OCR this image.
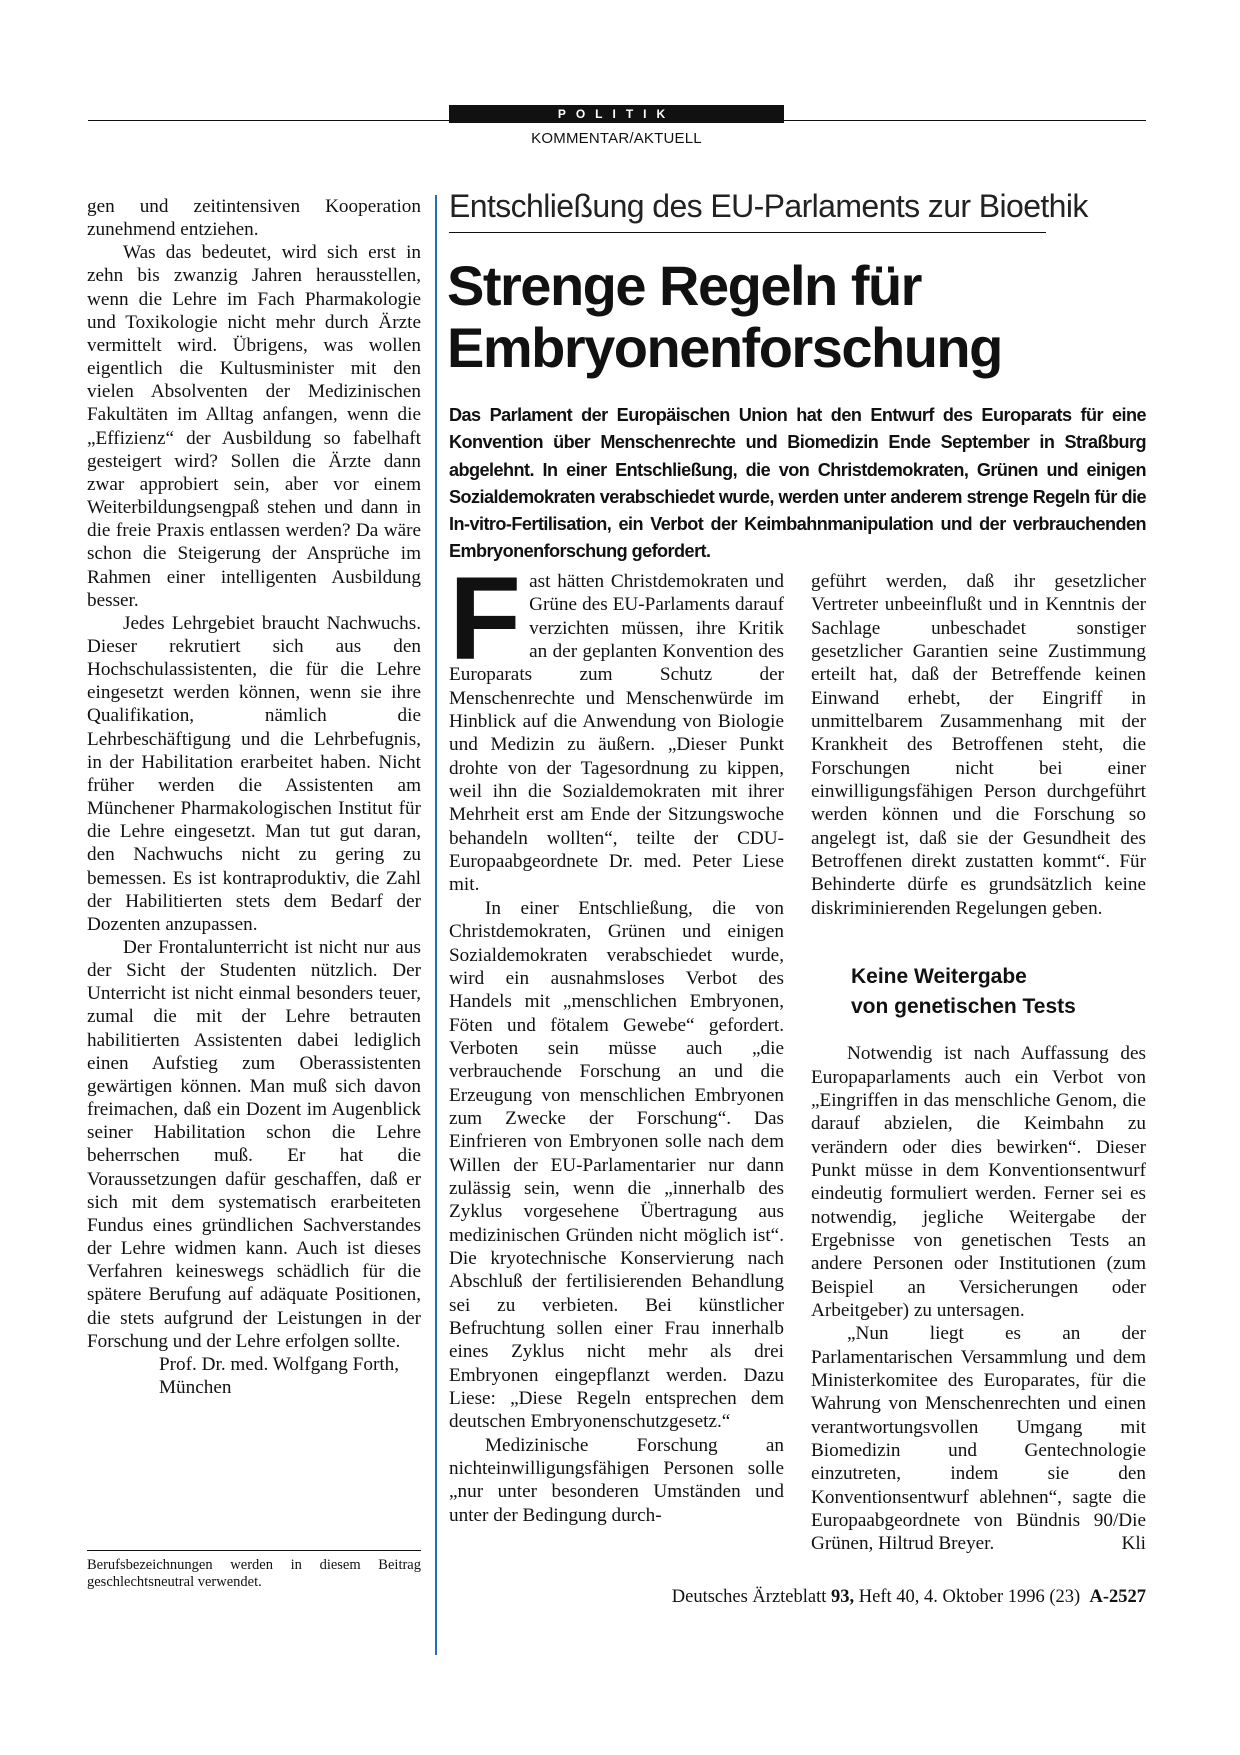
POLITIK
KOMMENTAR/AKTUELL

gen und zeitintensiven Kooperation zunehmend entziehen.

Was das bedeutet, wird sich erst in zehn bis zwanzig Jahren herausstellen, wenn die Lehre im Fach Pharmakologie und Toxikologie nicht mehr durch Ärzte vermittelt wird. Übrigens, was wollen eigentlich die Kultusminister mit den vielen Absolventen der Medizinischen Fakultäten im Alltag anfangen, wenn die „Effizienz“ der Ausbildung so fabelhaft gesteigert wird? Sollen die Ärzte dann zwar approbiert sein, aber vor einem Weiterbildungsengpaß stehen und dann in die freie Praxis entlassen werden? Da wäre schon die Steigerung der Ansprüche im Rahmen einer intelligenten Ausbildung besser.

Jedes Lehrgebiet braucht Nachwuchs. Dieser rekrutiert sich aus den Hochschulassistenten, die für die Lehre eingesetzt werden können, wenn sie ihre Qualifikation, nämlich die Lehrbeschäftigung und die Lehrbefugnis, in der Habilitation erarbeitet haben. Nicht früher werden die Assistenten am Münchener Pharmakologischen Institut für die Lehre eingesetzt. Man tut gut daran, den Nachwuchs nicht zu gering zu bemessen. Es ist kontraproduktiv, die Zahl der Habilitierten stets dem Bedarf der Dozenten anzupassen.

Der Frontalunterricht ist nicht nur aus der Sicht der Studenten nützlich. Der Unterricht ist nicht einmal besonders teuer, zumal die mit der Lehre betrauten habilitierten Assistenten dabei lediglich einen Aufstieg zum Oberassistenten gewärtigen können. Man muß sich davon freimachen, daß ein Dozent im Augenblick seiner Habilitation schon die Lehre beherrschen muß. Er hat die Voraussetzungen dafür geschaffen, daß er sich mit dem systematisch erarbeiteten Fundus eines gründlichen Sachverstandes der Lehre widmen kann. Auch ist dieses Verfahren keineswegs schädlich für die spätere Berufung auf adäquate Positionen, die stets aufgrund der Leistungen in der Forschung und der Lehre erfolgen sollte.

Prof. Dr. med. Wolfgang Forth,

München

Berufsbezeichnungen werden in diesem Beitrag geschlechtsneutral verwendet.
Entschließung des EU-Parlaments zur Bioethik
Strenge Regeln für
Embryonenforschung

Das Parlament der Europäischen Union hat den Entwurf des Europarats für eine Konvention über Menschenrechte und Biomedizin Ende September in Straßburg abgelehnt. In einer Entschließung, die von Christdemokraten, Grünen und einigen Sozialdemokraten verabschiedet wurde, werden unter anderem strenge Regeln für die In-vitro-Fertilisation, ein Verbot der Keimbahnmanipulation und der verbrauchenden Embryonenforschung gefordert.

Fast hätten Christdemokraten und Grüne des EU-Parlaments darauf verzichten müssen, ihre Kritik an der geplanten Konvention des Europarats zum Schutz der Menschenrechte und Menschenwürde im Hinblick auf die Anwendung von Biologie und Medizin zu äußern. „Dieser Punkt drohte von der Tagesordnung zu kippen, weil ihn die Sozialdemokraten mit ihrer Mehrheit erst am Ende der Sitzungswoche behandeln wollten“, teilte der CDU-Europaabgeordnete Dr. med. Peter Liese mit.

In einer Entschließung, die von Christdemokraten, Grünen und einigen Sozialdemokraten verabschiedet wurde, wird ein ausnahmsloses Verbot des Handels mit „menschlichen Embryonen, Föten und fötalem Gewebe“ gefordert. Verboten sein müsse auch „die verbrauchende Forschung an und die Erzeugung von menschlichen Embryonen zum Zwecke der Forschung“. Das Einfrieren von Embryonen solle nach dem Willen der EU-Parlamentarier nur dann zulässig sein, wenn die „innerhalb des Zyklus vorgesehene Übertragung aus medizinischen Gründen nicht möglich ist“. Die kryotechnische Konservierung nach Abschluß der fertilisierenden Behandlung sei zu verbieten. Bei künstlicher Befruchtung sollen einer Frau innerhalb eines Zyklus nicht mehr als drei Embryonen eingepflanzt werden. Dazu Liese: „Diese Regeln entsprechen dem deutschen Embryonenschutzgesetz.“

Medizinische Forschung an nichteinwilligungsfähigen Personen solle „nur unter besonderen Umständen und unter der Bedingung durch-

geführt werden, daß ihr gesetzlicher Vertreter unbeeinflußt und in Kenntnis der Sachlage unbeschadet sonstiger gesetzlicher Garantien seine Zustimmung erteilt hat, daß der Betreffende keinen Einwand erhebt, der Eingriff in unmittelbarem Zusammenhang mit der Krankheit des Betroffenen steht, die Forschungen nicht bei einer einwilligungsfähigen Person durchgeführt werden können und die Forschung so angelegt ist, daß sie der Gesundheit des Betroffenen direkt zustatten kommt“. Für Behinderte dürfe es grundsätzlich keine diskriminierenden Regelungen geben.

Keine Weitergabe
von genetischen Tests

Notwendig ist nach Auffassung des Europaparlaments auch ein Verbot von „Eingriffen in das menschliche Genom, die darauf abzielen, die Keimbahn zu verändern oder dies bewirken“. Dieser Punkt müsse in dem Konventionsentwurf eindeutig formuliert werden. Ferner sei es notwendig, jegliche Weitergabe der Ergebnisse von genetischen Tests an andere Personen oder Institutionen (zum Beispiel an Versicherungen oder Arbeitgeber) zu untersagen.

„Nun liegt es an der Parlamentarischen Versammlung und dem Ministerkomitee des Europarates, für die Wahrung von Menschenrechten und einen verantwortungsvollen Umgang mit Biomedizin und Gentechnologie einzutreten, indem sie den Konventionsentwurf ablehnen“, sagte die Europaabgeordnete von Bündnis 90/Die Grünen, Hiltrud Breyer.	Kli

Deutsches Ärzteblatt 93, Heft 40, 4. Oktober 1996 (23) A-2527
